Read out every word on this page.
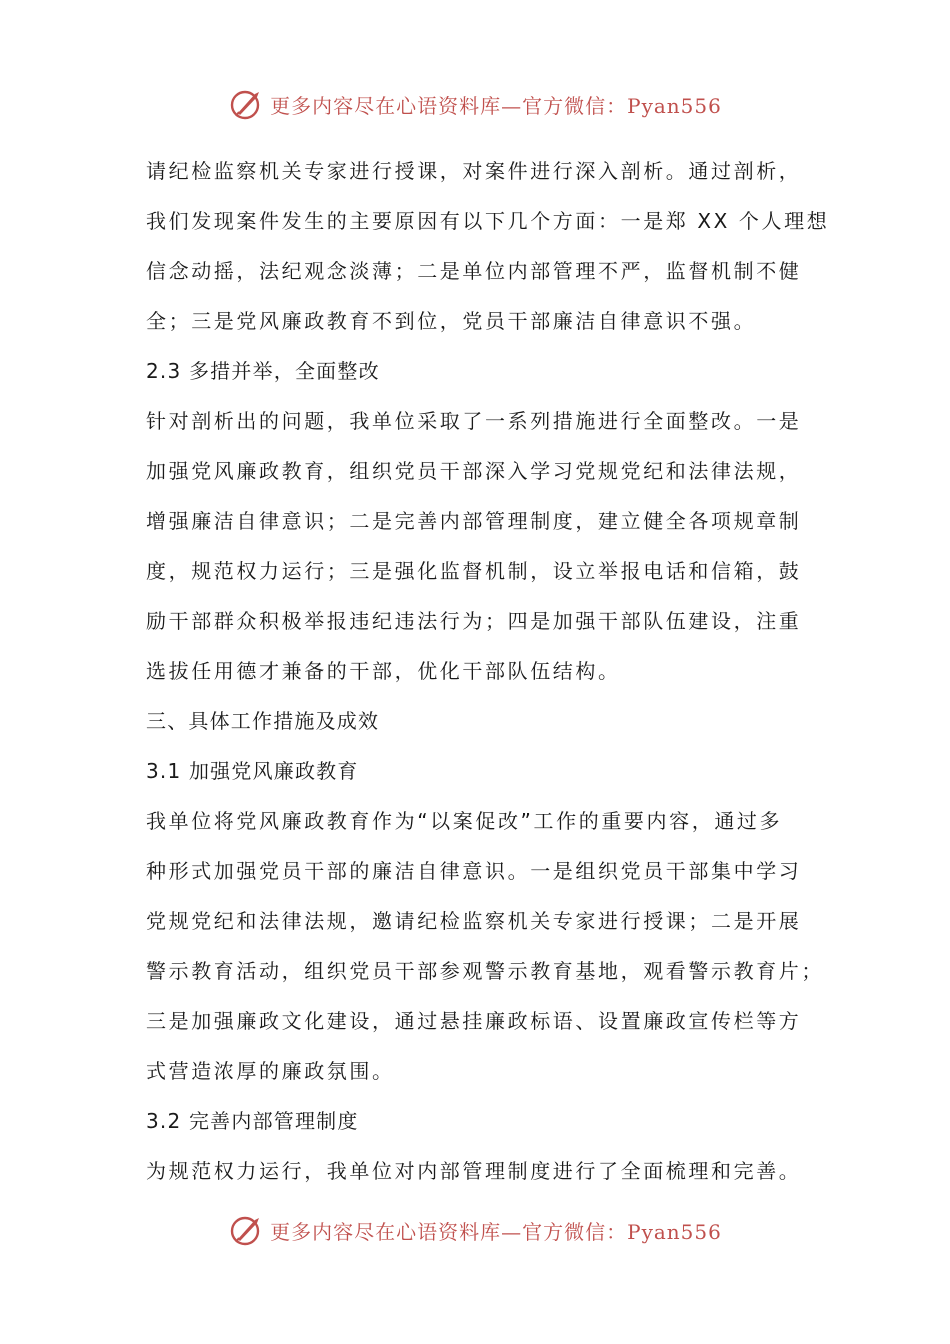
更多内容尽在心语资料库—官方微信：Pyan556
请纪检监察机关专家进行授课，对案件进行深入剖析。通过剖析，
我们发现案件发生的主要原因有以下几个方面：一是郑 XX 个人理想
信念动摇，法纪观念淡薄；二是单位内部管理不严，监督机制不健
全；三是党风廉政教育不到位，党员干部廉洁自律意识不强。
2.3 多措并举，全面整改
针对剖析出的问题，我单位采取了一系列措施进行全面整改。一是
加强党风廉政教育，组织党员干部深入学习党规党纪和法律法规，
增强廉洁自律意识；二是完善内部管理制度，建立健全各项规章制
度，规范权力运行；三是强化监督机制，设立举报电话和信箱，鼓
励干部群众积极举报违纪违法行为；四是加强干部队伍建设，注重
选拔任用德才兼备的干部，优化干部队伍结构。
三、具体工作措施及成效
3.1 加强党风廉政教育
我单位将党风廉政教育作为“以案促改”工作的重要内容，通过多
种形式加强党员干部的廉洁自律意识。一是组织党员干部集中学习
党规党纪和法律法规，邀请纪检监察机关专家进行授课；二是开展
警示教育活动，组织党员干部参观警示教育基地，观看警示教育片；
三是加强廉政文化建设，通过悬挂廉政标语、设置廉政宣传栏等方
式营造浓厚的廉政氛围。
3.2 完善内部管理制度
为规范权力运行，我单位对内部管理制度进行了全面梳理和完善。
更多内容尽在心语资料库—官方微信：Pyan556
